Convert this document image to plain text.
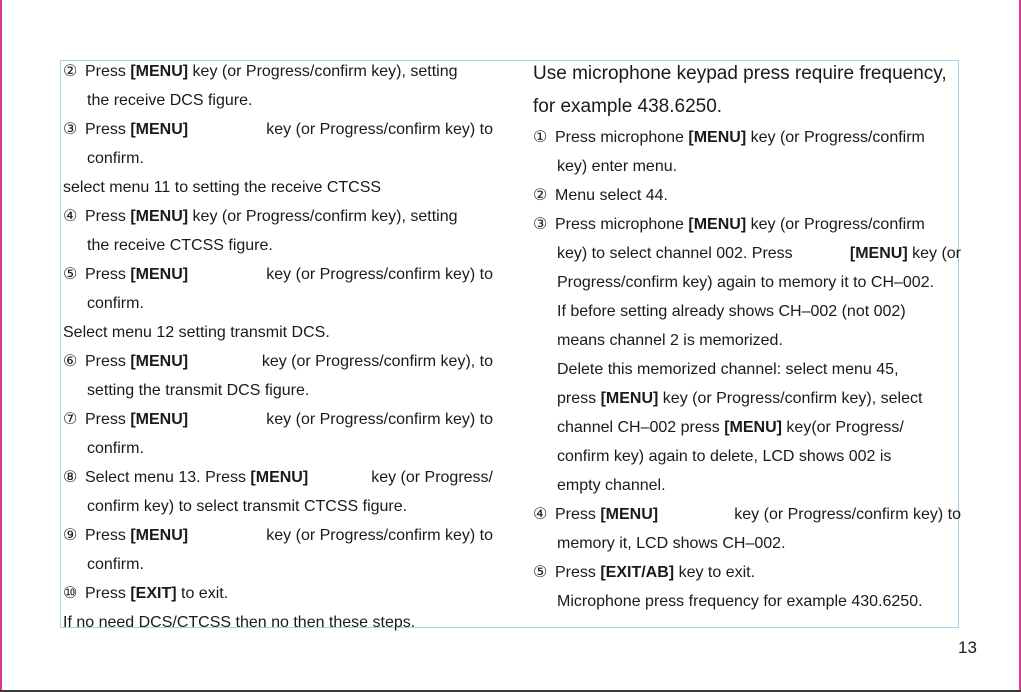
② Press [MENU] key (or Progress/confirm key), setting
the receive DCS figure.
③ Press [MENU]	key (or Progress/confirm key) to
confirm.
select menu 11 to setting the receive CTCSS
④ Press [MENU] key (or Progress/confirm key), setting
the receive CTCSS figure.
⑤ Press [MENU]	key (or Progress/confirm key) to
confirm.
Select menu 12 setting transmit DCS.
⑥ Press [MENU]	key (or Progress/confirm key), to
setting the transmit DCS figure.
⑦ Press [MENU]	key (or Progress/confirm key) to
confirm.
⑧ Select menu 13. Press [MENU]	key (or Progress/
confirm key) to select transmit CTCSS figure.
⑨ Press [MENU]	key (or Progress/confirm key) to
confirm.
⑩ Press [EXIT] to exit.
If no need DCS/CTCSS then no then these steps.
Use microphone keypad press require frequency,
for example 438.6250.
① Press microphone [MENU] key (or Progress/confirm
key) enter menu.
② Menu select 44.
③ Press microphone [MENU] key (or Progress/confirm
key) to select channel 002. Press	[MENU] key (or
Progress/confirm key) again to memory it to CH–002.
If before setting already shows CH–002 (not 002)
means channel 2 is memorized.
Delete this memorized channel: select menu 45,
press [MENU] key (or Progress/confirm key), select
channel CH–002 press [MENU] key(or Progress/
confirm key) again to delete, LCD shows 002 is
empty channel.
④ Press [MENU]	key (or Progress/confirm key) to
memory it, LCD shows CH–002.
⑤ Press [EXIT/AB] key to exit.
Microphone press frequency for example 430.6250.
13
